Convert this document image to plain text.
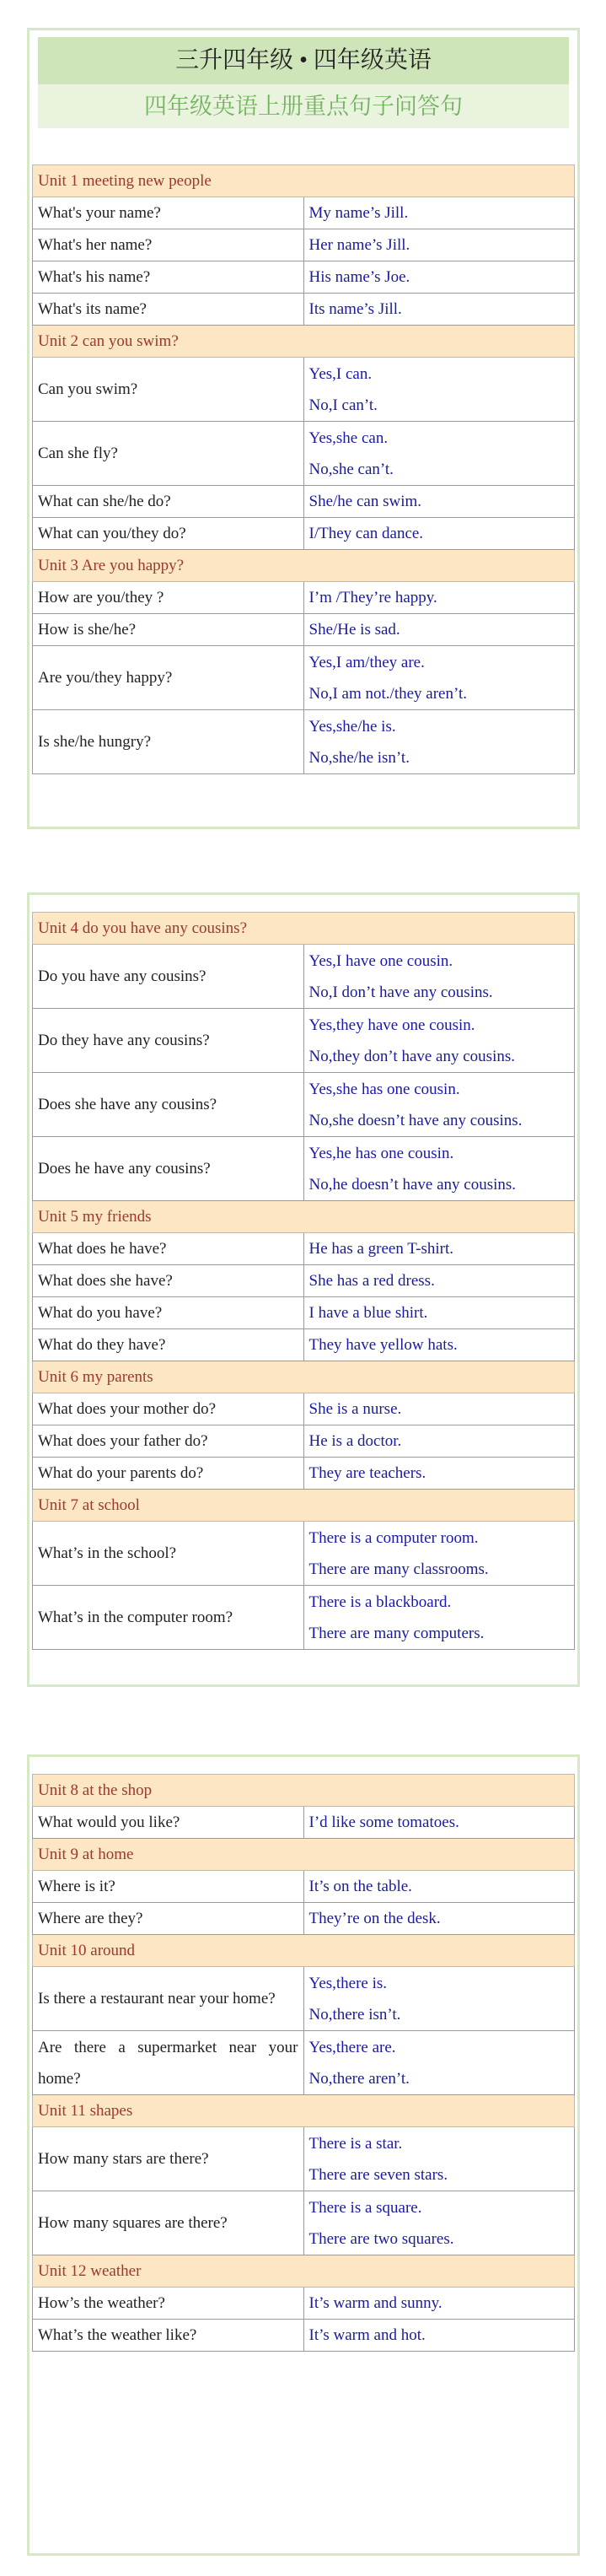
三升四年级 • 四年级英语
四年级英语上册重点句子问答句
Unit 1 meeting new people	
What's your name?	My name’s Jill.

What's her name?	Her name’s Jill.

What's his name?	His name’s Joe.

What's its name?	Its name’s Jill.

Unit 2 can you swim?	
Can you swim?	Yes,I can.
No,I can’t.

Can she fly?	Yes,she can.
No,she can’t.

What can she/he do?	She/he can swim.

What can you/they do?	I/They can dance.

Unit 3 Are you happy?	
How are you/they ?	I’m /They’re happy.

How is she/he?	She/He is sad.

Are you/they happy?	Yes,I am/they are.
No,I am not./they aren’t.

Is she/he hungry?	Yes,she/he is.
No,she/he isn’t.
Unit 4 do you have any cousins?	
Do you have any cousins?	Yes,I have one cousin.
No,I don’t have any cousins.

Do they have any cousins?	Yes,they have one cousin.
No,they don’t have any cousins.

Does she have any cousins?	Yes,she has one cousin.
No,she doesn’t have any cousins.

Does he have any cousins?	Yes,he has one cousin.
No,he doesn’t have any cousins.

Unit 5 my friends	
What does he have?	He has a green T-shirt.

What does she have?	She has a red dress.

What do you have?	I have a blue shirt.

What do they have?	They have yellow hats.

Unit 6 my parents	
What does your mother do?	She is a nurse.

What does your father do?	He is a doctor.

What do your parents do?	They are teachers.

Unit 7 at school	
What’s in the school?	There is a computer room.
There are many classrooms.

What’s in the computer room?	There is a blackboard.
There are many computers.
Unit 8 at the shop	
What would you like?	I’d like some tomatoes.

Unit 9 at home	
Where is it?	It’s on the table.

Where are they?	They’re on the desk.

Unit 10 around	
Is there a restaurant near your home?	Yes,there is.
No,there isn’t.

Are there a supermarket near your home?	Yes,there are.
No,there aren’t.

Unit 11 shapes	
How many stars are there?	There is a star.
There are seven stars.

How many squares are there?	There is a square.
There are two squares.

Unit 12 weather	
How’s the weather?	It’s warm and sunny.

What’s the weather like?	It’s warm and hot.
